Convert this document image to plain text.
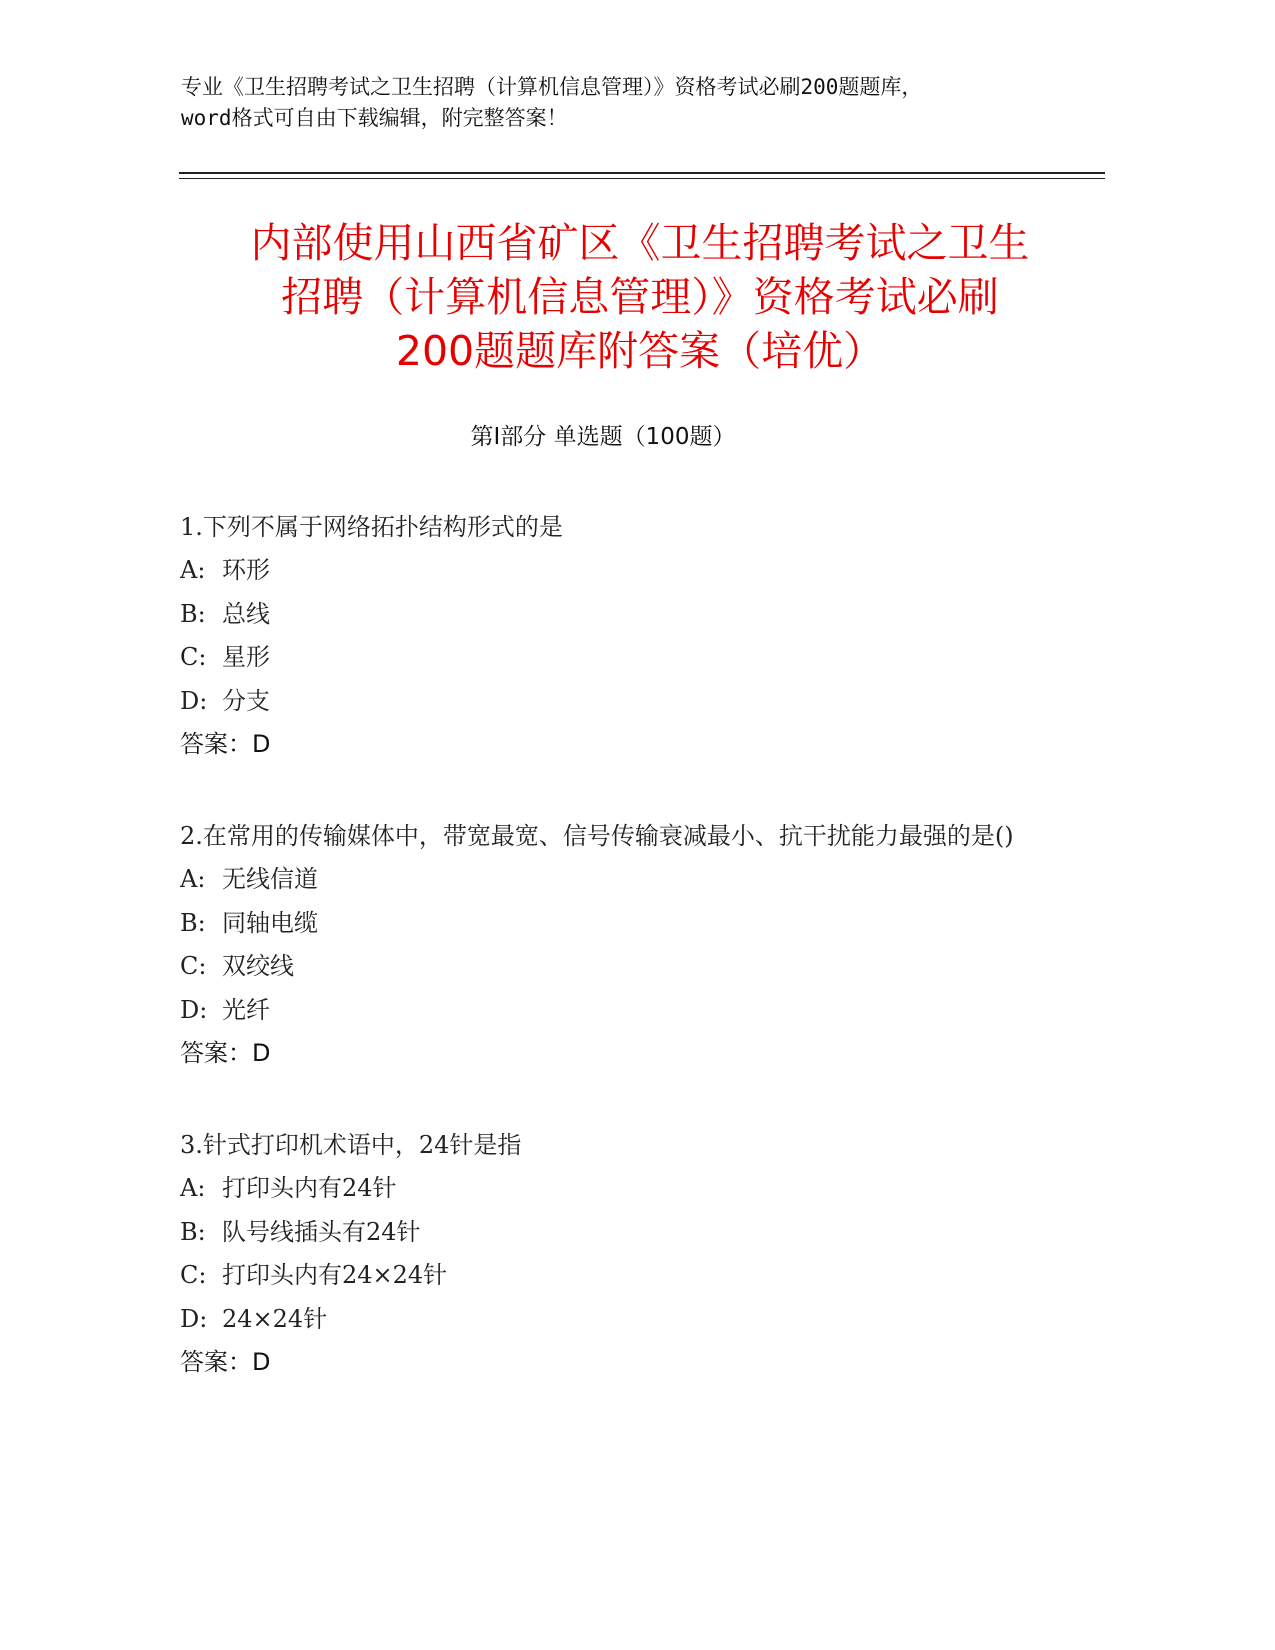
专业《卫生招聘考试之卫生招聘（计算机信息管理）》资格考试必刷200题题库，
word格式可自由下载编辑，附完整答案！
内部使用山西省矿区《卫生招聘考试之卫生
招聘（计算机信息管理）》资格考试必刷
200题题库附答案（培优）
第Ⅰ部分 单选题（100题）
1.下列不属于网络拓扑结构形式的是
A: 环形
B: 总线
C: 星形
D: 分支
答案：D
2.在常用的传输媒体中，带宽最宽、信号传输衰减最小、抗干扰能力最强的是()
A: 无线信道
B: 同轴电缆
C: 双绞线
D: 光纤
答案：D
3.针式打印机术语中，24针是指
A: 打印头内有24针
B: 队号线插头有24针
C: 打印头内有24×24针
D: 24×24针
答案：D
